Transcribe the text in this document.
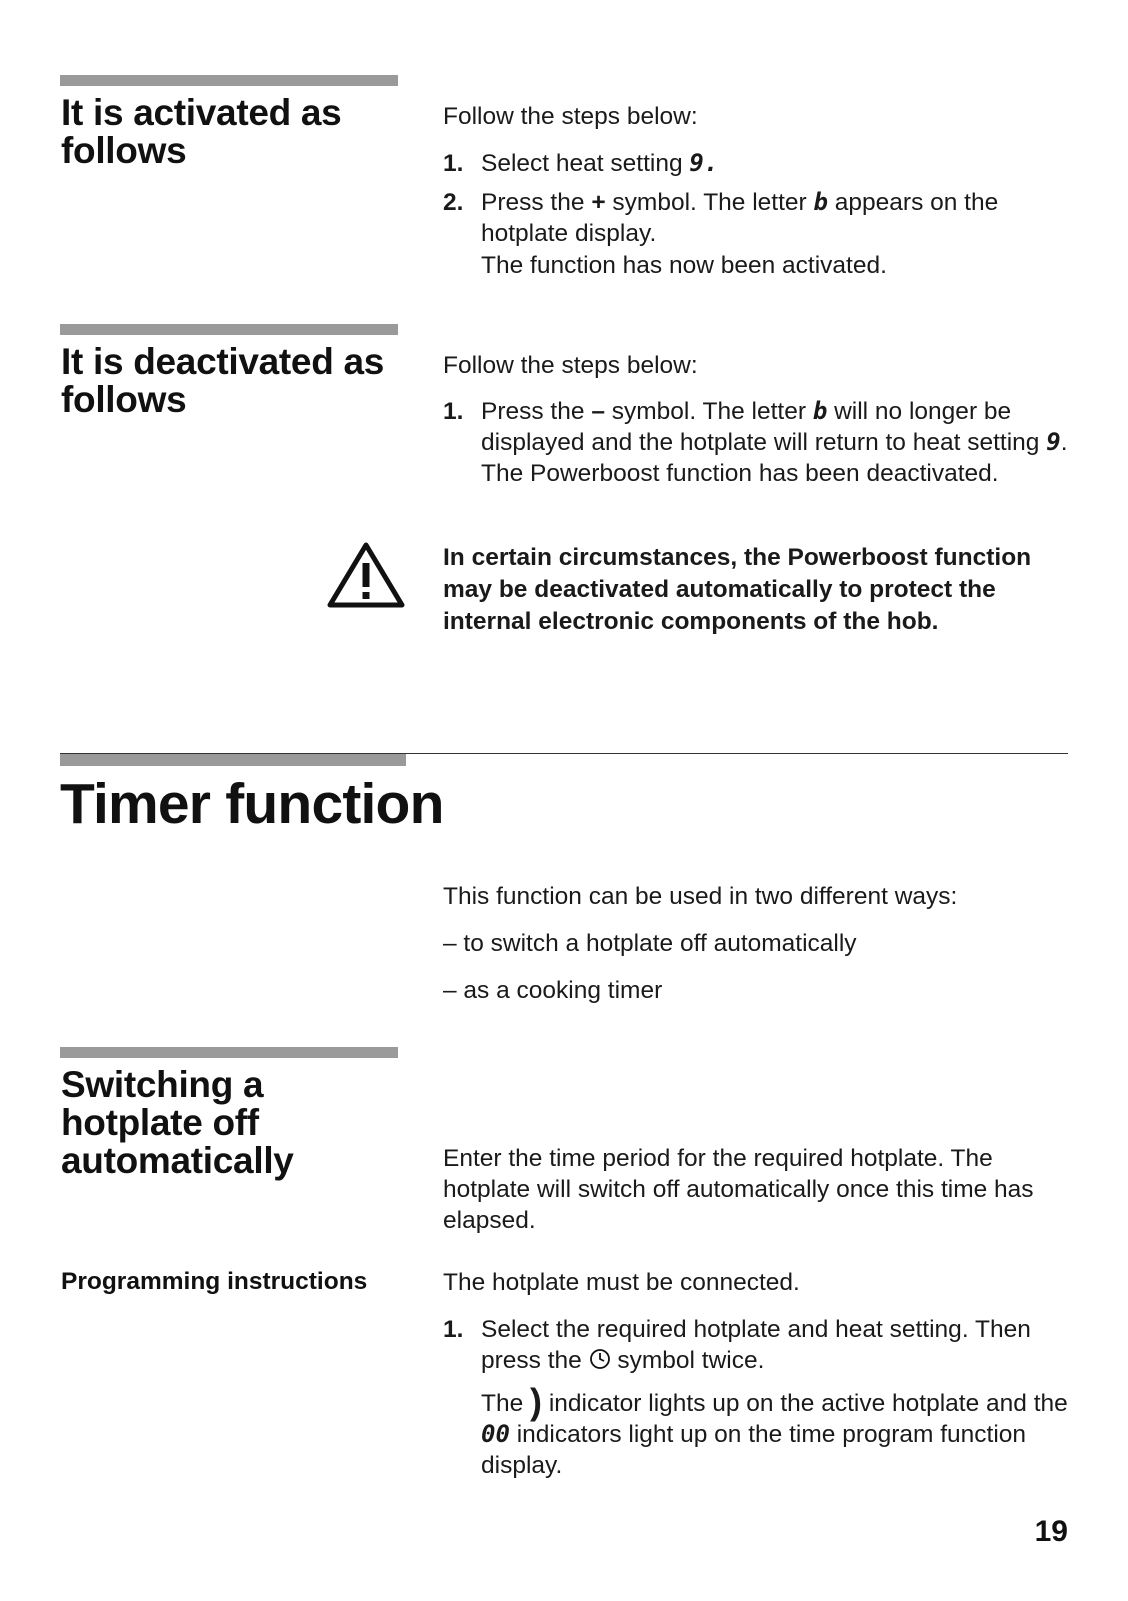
It is activated as follows

Follow the steps below:

1. Select heat setting 9.
2. Press the + symbol. The letter b appears on the hotplate display.
The function has now been activated.
It is deactivated as follows

Follow the steps below:

1. Press the – symbol. The letter b will no longer be displayed and the hotplate will return to heat setting 9.
The Powerboost function has been deactivated.

In certain circumstances, the Powerboost function may be deactivated automatically to protect the internal electronic components of the hob.

Timer function

This function can be used in two different ways:

– to switch a hotplate off automatically

– as a cooking timer

Switching a hotplate off automatically	Enter the time period for the required hotplate. The hotplate will switch off automatically once this time has elapsed.

Programming instructions	The hotplate must be connected.

1. Select the required hotplate and heat setting. Then press the  symbol twice.
The ) indicator lights up on the active hotplate and the 00 indicators light up on the time program function display.
19
